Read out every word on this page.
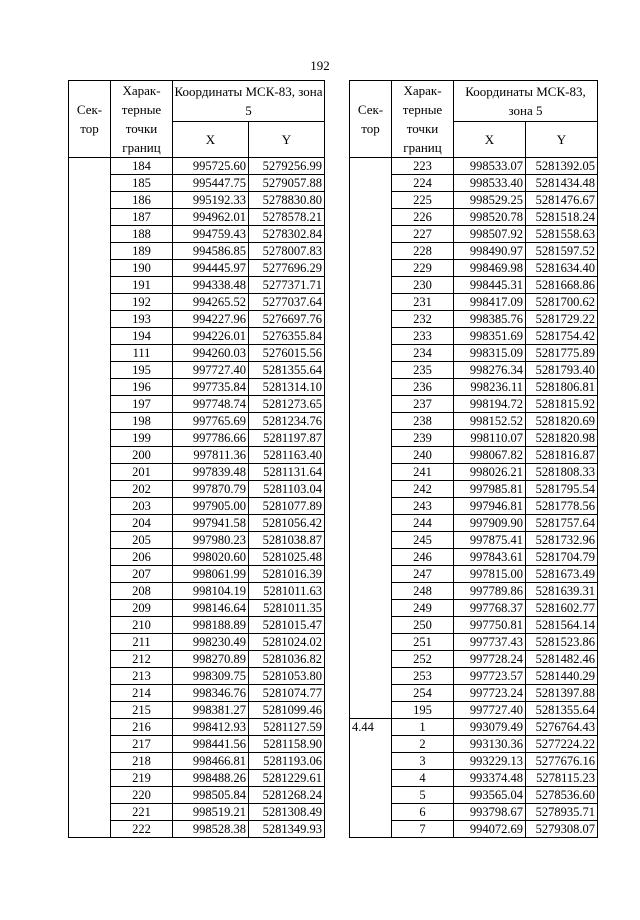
192
Сек-тор	Харак-терные точки границ	Координаты МСК-83, зона 5	
		X	Y
	184	995725.60	5279256.99
	185	995447.75	5279057.88
	186	995192.33	5278830.80
	187	994962.01	5278578.21
	188	994759.43	5278302.84
	189	994586.85	5278007.83
	190	994445.97	5277696.29
	191	994338.48	5277371.71
	192	994265.52	5277037.64
	193	994227.96	5276697.76
	194	994226.01	5276355.84
	111	994260.03	5276015.56
	195	997727.40	5281355.64
	196	997735.84	5281314.10
	197	997748.74	5281273.65
	198	997765.69	5281234.76
	199	997786.66	5281197.87
	200	997811.36	5281163.40
	201	997839.48	5281131.64
	202	997870.79	5281103.04
	203	997905.00	5281077.89
	204	997941.58	5281056.42
	205	997980.23	5281038.87
	206	998020.60	5281025.48
	207	998061.99	5281016.39
	208	998104.19	5281011.63
	209	998146.64	5281011.35
	210	998188.89	5281015.47
	211	998230.49	5281024.02
	212	998270.89	5281036.82
	213	998309.75	5281053.80
	214	998346.76	5281074.77
	215	998381.27	5281099.46
	216	998412.93	5281127.59
	217	998441.56	5281158.90
	218	998466.81	5281193.06
	219	998488.26	5281229.61
	220	998505.84	5281268.24
	221	998519.21	5281308.49
	222	998528.38	5281349.93
Сек-тор	Харак-терные точки границ	Координаты МСК-83, зона 5	
		X	Y
	223	998533.07	5281392.05
	224	998533.40	5281434.48
	225	998529.25	5281476.67
	226	998520.78	5281518.24
	227	998507.92	5281558.63
	228	998490.97	5281597.52
	229	998469.98	5281634.40
	230	998445.31	5281668.86
	231	998417.09	5281700.62
	232	998385.76	5281729.22
	233	998351.69	5281754.42
	234	998315.09	5281775.89
	235	998276.34	5281793.40
	236	998236.11	5281806.81
	237	998194.72	5281815.92
	238	998152.52	5281820.69
	239	998110.07	5281820.98
	240	998067.82	5281816.87
	241	998026.21	5281808.33
	242	997985.81	5281795.54
	243	997946.81	5281778.56
	244	997909.90	5281757.64
	245	997875.41	5281732.96
	246	997843.61	5281704.79
	247	997815.00	5281673.49
	248	997789.86	5281639.31
	249	997768.37	5281602.77
	250	997750.81	5281564.14
	251	997737.43	5281523.86
	252	997728.24	5281482.46
	253	997723.57	5281440.29
	254	997723.24	5281397.88
	195	997727.40	5281355.64
4.44	1	993079.49	5276764.43
	2	993130.36	5277224.22
	3	993229.13	5277676.16
	4	993374.48	5278115.23
	5	993565.04	5278536.60
	6	993798.67	5278935.71
	7	994072.69	5279308.07
